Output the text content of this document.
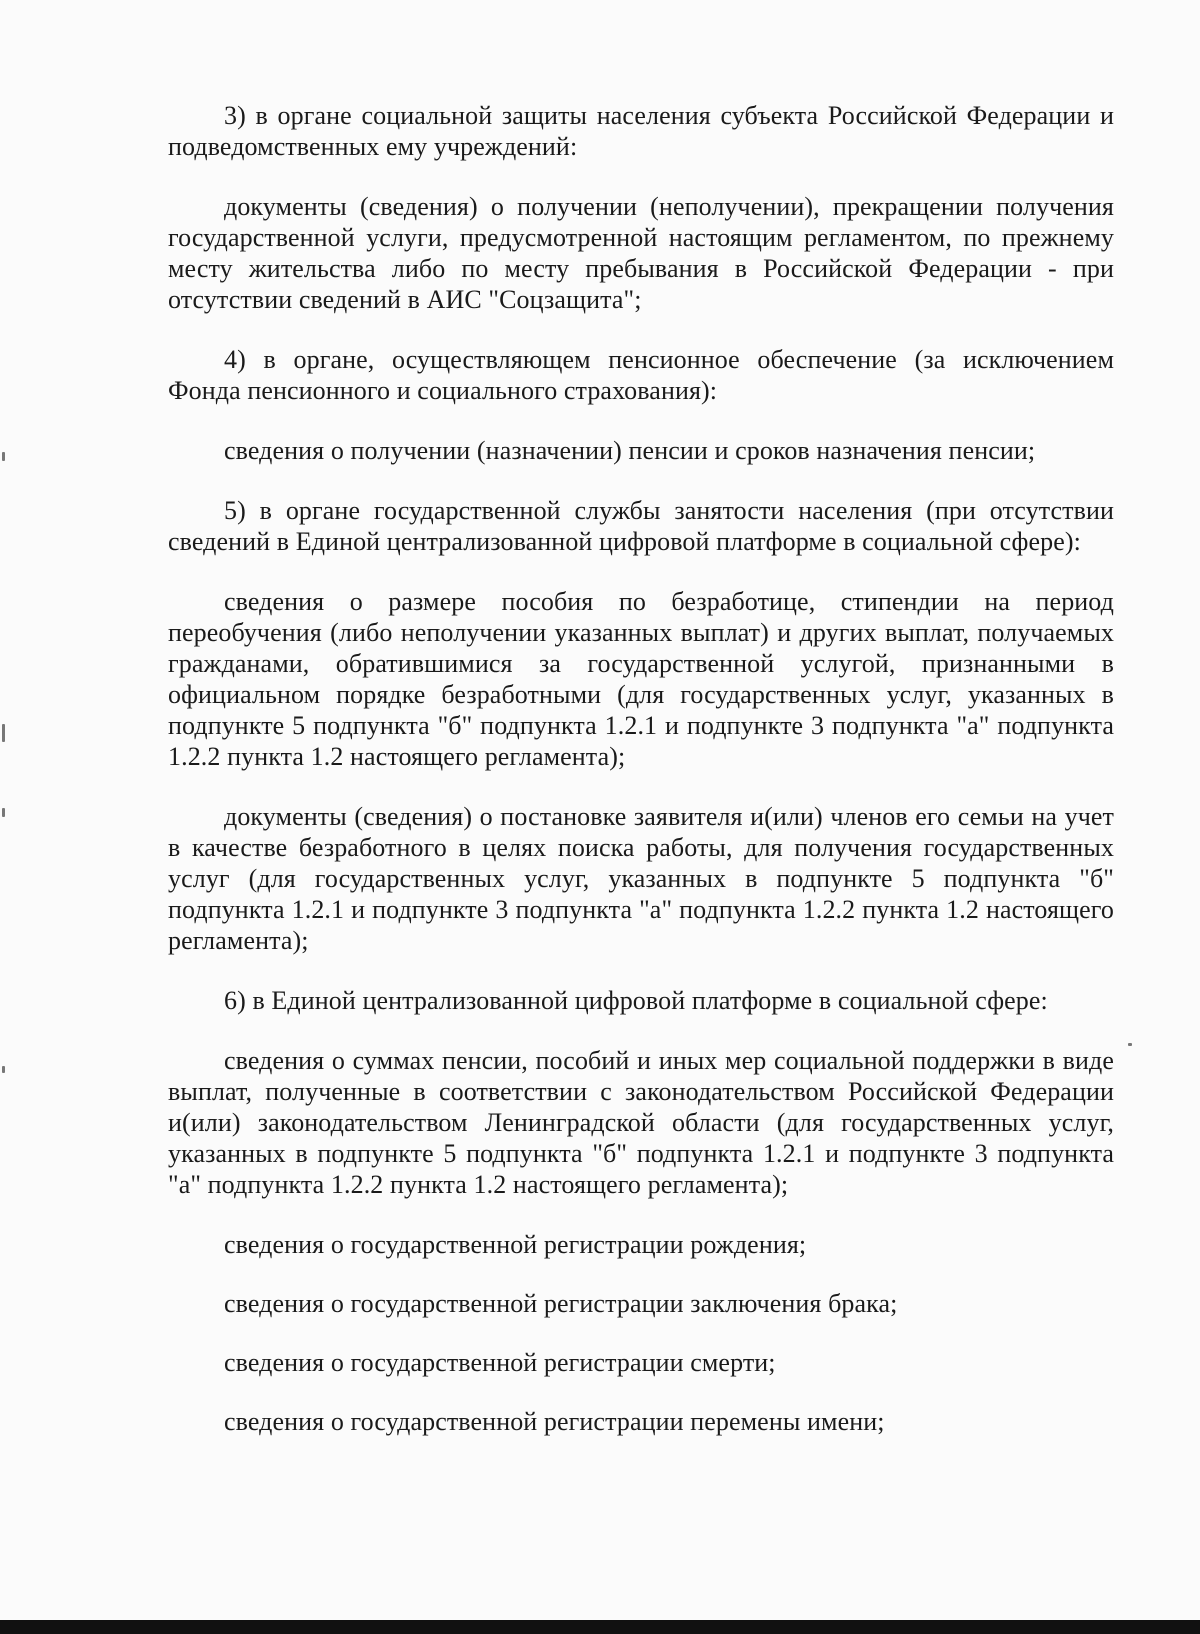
3) в органе социальной защиты населения субъекта Российской Федерации и подведомственных ему учреждений:

документы (сведения) о получении (неполучении), прекращении получения государственной услуги, предусмотренной настоящим регламентом, по прежнему месту жительства либо по месту пребывания в Российской Федерации - при отсутствии сведений в АИС "Соцзащита";

4) в органе, осуществляющем пенсионное обеспечение (за исключением Фонда пенсионного и социального страхования):

сведения о получении (назначении) пенсии и сроков назначения пенсии;

5) в органе государственной службы занятости населения (при отсутствии сведений в Единой централизованной цифровой платформе в социальной сфере):

сведения о размере пособия по безработице, стипендии на период переобучения (либо неполучении указанных выплат) и других выплат, получаемых гражданами, обратившимися за государственной услугой, признанными в официальном порядке безработными (для государственных услуг, указанных в подпункте 5 подпункта "б" подпункта 1.2.1 и подпункте 3 подпункта "а" подпункта 1.2.2 пункта 1.2 настоящего регламента);

документы (сведения) о постановке заявителя и(или) членов его семьи на учет в качестве безработного в целях поиска работы, для получения государственных услуг (для государственных услуг, указанных в подпункте 5 подпункта "б" подпункта 1.2.1 и подпункте 3 подпункта "а" подпункта 1.2.2 пункта 1.2 настоящего регламента);

6) в Единой централизованной цифровой платформе в социальной сфере:

сведения о суммах пенсии, пособий и иных мер социальной поддержки в виде выплат, полученные в соответствии с законодательством Российской Федерации и(или) законодательством Ленинградской области (для государственных услуг, указанных в подпункте 5 подпункта "б" подпункта 1.2.1 и подпункте 3 подпункта "а" подпункта 1.2.2 пункта 1.2 настоящего регламента);

сведения о государственной регистрации рождения;

сведения о государственной регистрации заключения брака;

сведения о государственной регистрации смерти;

сведения о государственной регистрации перемены имени;
